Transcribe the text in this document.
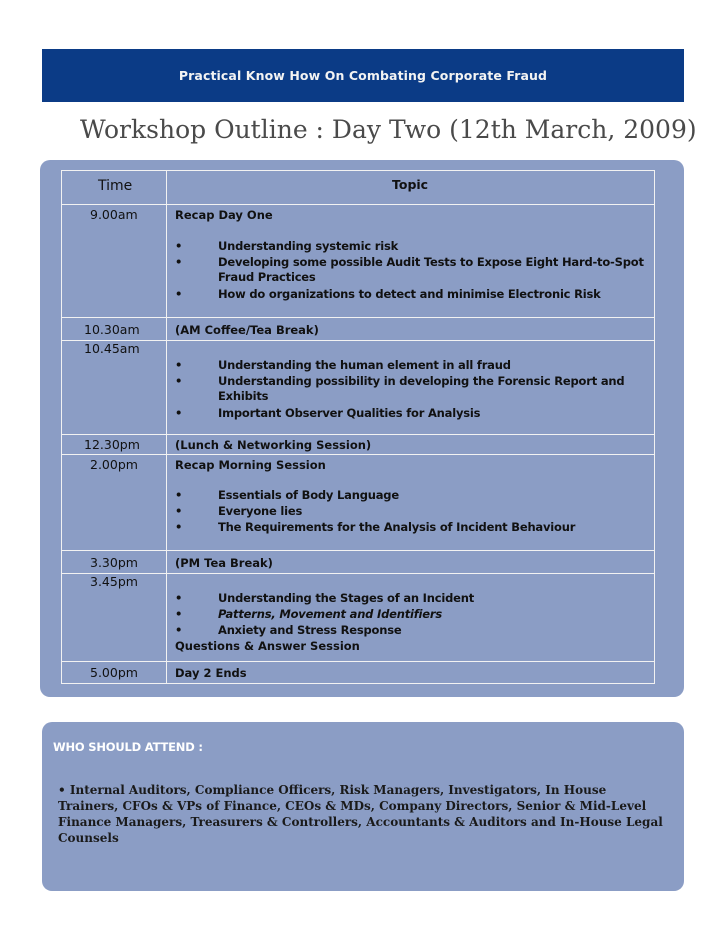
Practical Know How On Combating Corporate Fraud
Workshop Outline : Day Two (12th March, 2009)
Time	Topic
9.00am	Recap Day One
•	Understanding systemic risk
•	Developing some possible Audit Tests to Expose Eight Hard-to-Spot Fraud Practices
•	How do organizations to detect and minimise Electronic Risk
10.30am	(AM Coffee/Tea Break)
10.45am
•	Understanding the human element in all fraud
•	Understanding possibility in developing the Forensic Report and Exhibits
•	Important Observer Qualities for Analysis
12.30pm	(Lunch & Networking Session)
2.00pm	Recap Morning Session
•	Essentials of Body Language
•	Everyone lies
•	The Requirements for the Analysis of Incident Behaviour
3.30pm	(PM Tea Break)
3.45pm
•	Understanding the Stages of an Incident
•	Patterns, Movement and Identifiers
•	Anxiety and Stress Response
Questions & Answer Session
5.00pm	Day 2 Ends
WHO SHOULD ATTEND :
• Internal Auditors, Compliance Officers, Risk Managers, Investigators, In House Trainers, CFOs & VPs of Finance, CEOs & MDs, Company Directors, Senior & Mid-Level Finance Managers, Treasurers & Controllers, Accountants & Auditors and In-House Legal Counsels
